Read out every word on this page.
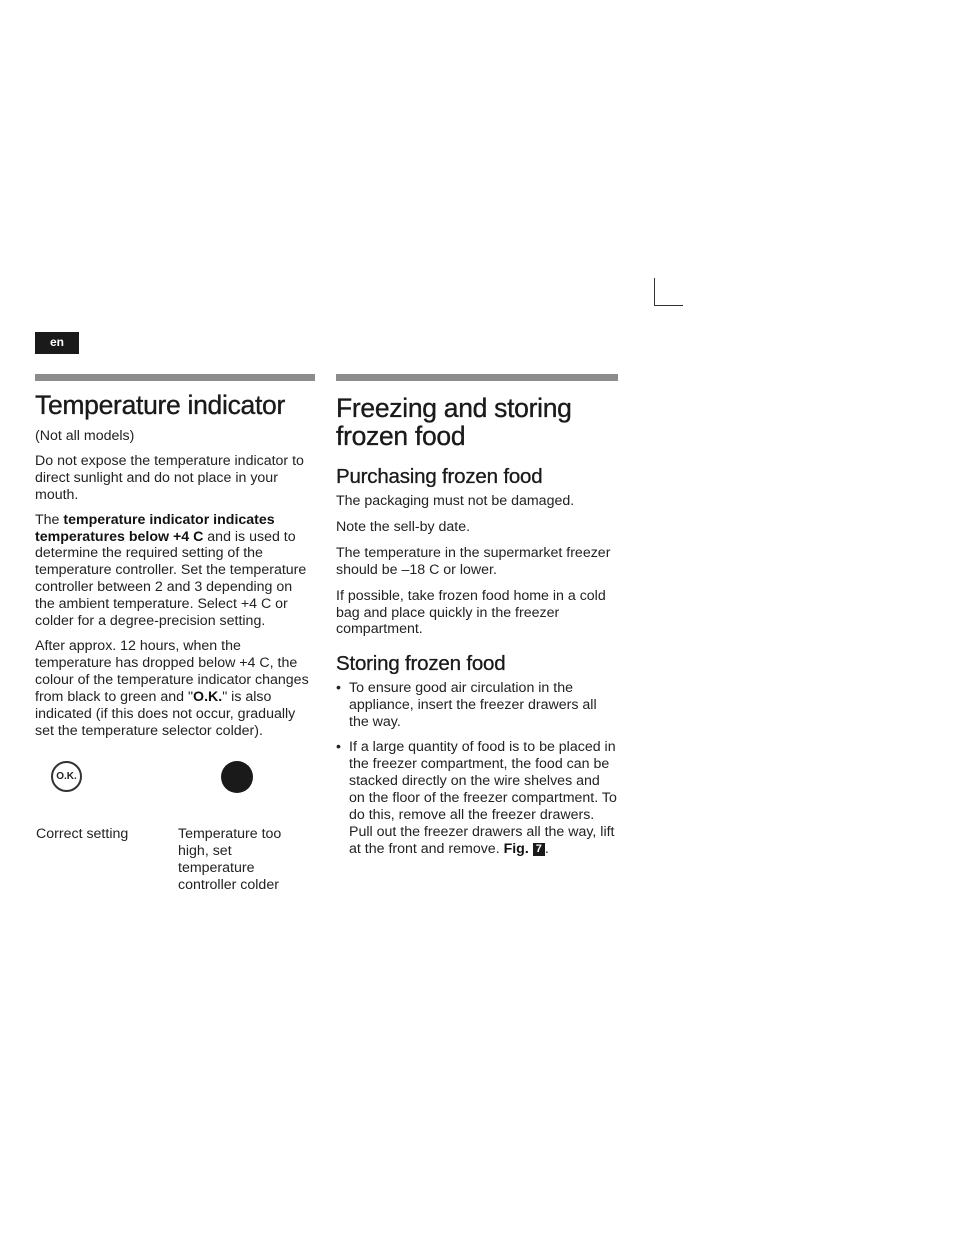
en
Temperature indicator

(Not all models)

Do not expose the temperature indicator to direct sunlight and do not place in your mouth.

The temperature indicator indicates temperatures below +4 C and is used to determine the required setting of the temperature controller. Set the temperature controller between 2 and 3 depending on the ambient temperature. Select +4 C or colder for a degree-precision setting.

After approx. 12 hours, when the temperature has dropped below +4 C, the colour of the temperature indicator changes from black to green and "O.K." is also indicated (if this does not occur, gradually set the temperature selector colder).

O.K.

Correct setting	Temperature too high, set temperature controller colder

Freezing and storing frozen food
Purchasing frozen food

The packaging must not be damaged.

Note the sell-by date.

The temperature in the supermarket freezer should be –18 C or lower.

If possible, take frozen food home in a cold bag and place quickly in the freezer compartment.

Storing frozen food
• To ensure good air circulation in the appliance, insert the freezer drawers all the way.
• If a large quantity of food is to be placed in the freezer compartment, the food can be stacked directly on the wire shelves and on the floor of the freezer compartment. To do this, remove all the freezer drawers. Pull out the freezer drawers all the way, lift at the front and remove. Fig. 7 .
